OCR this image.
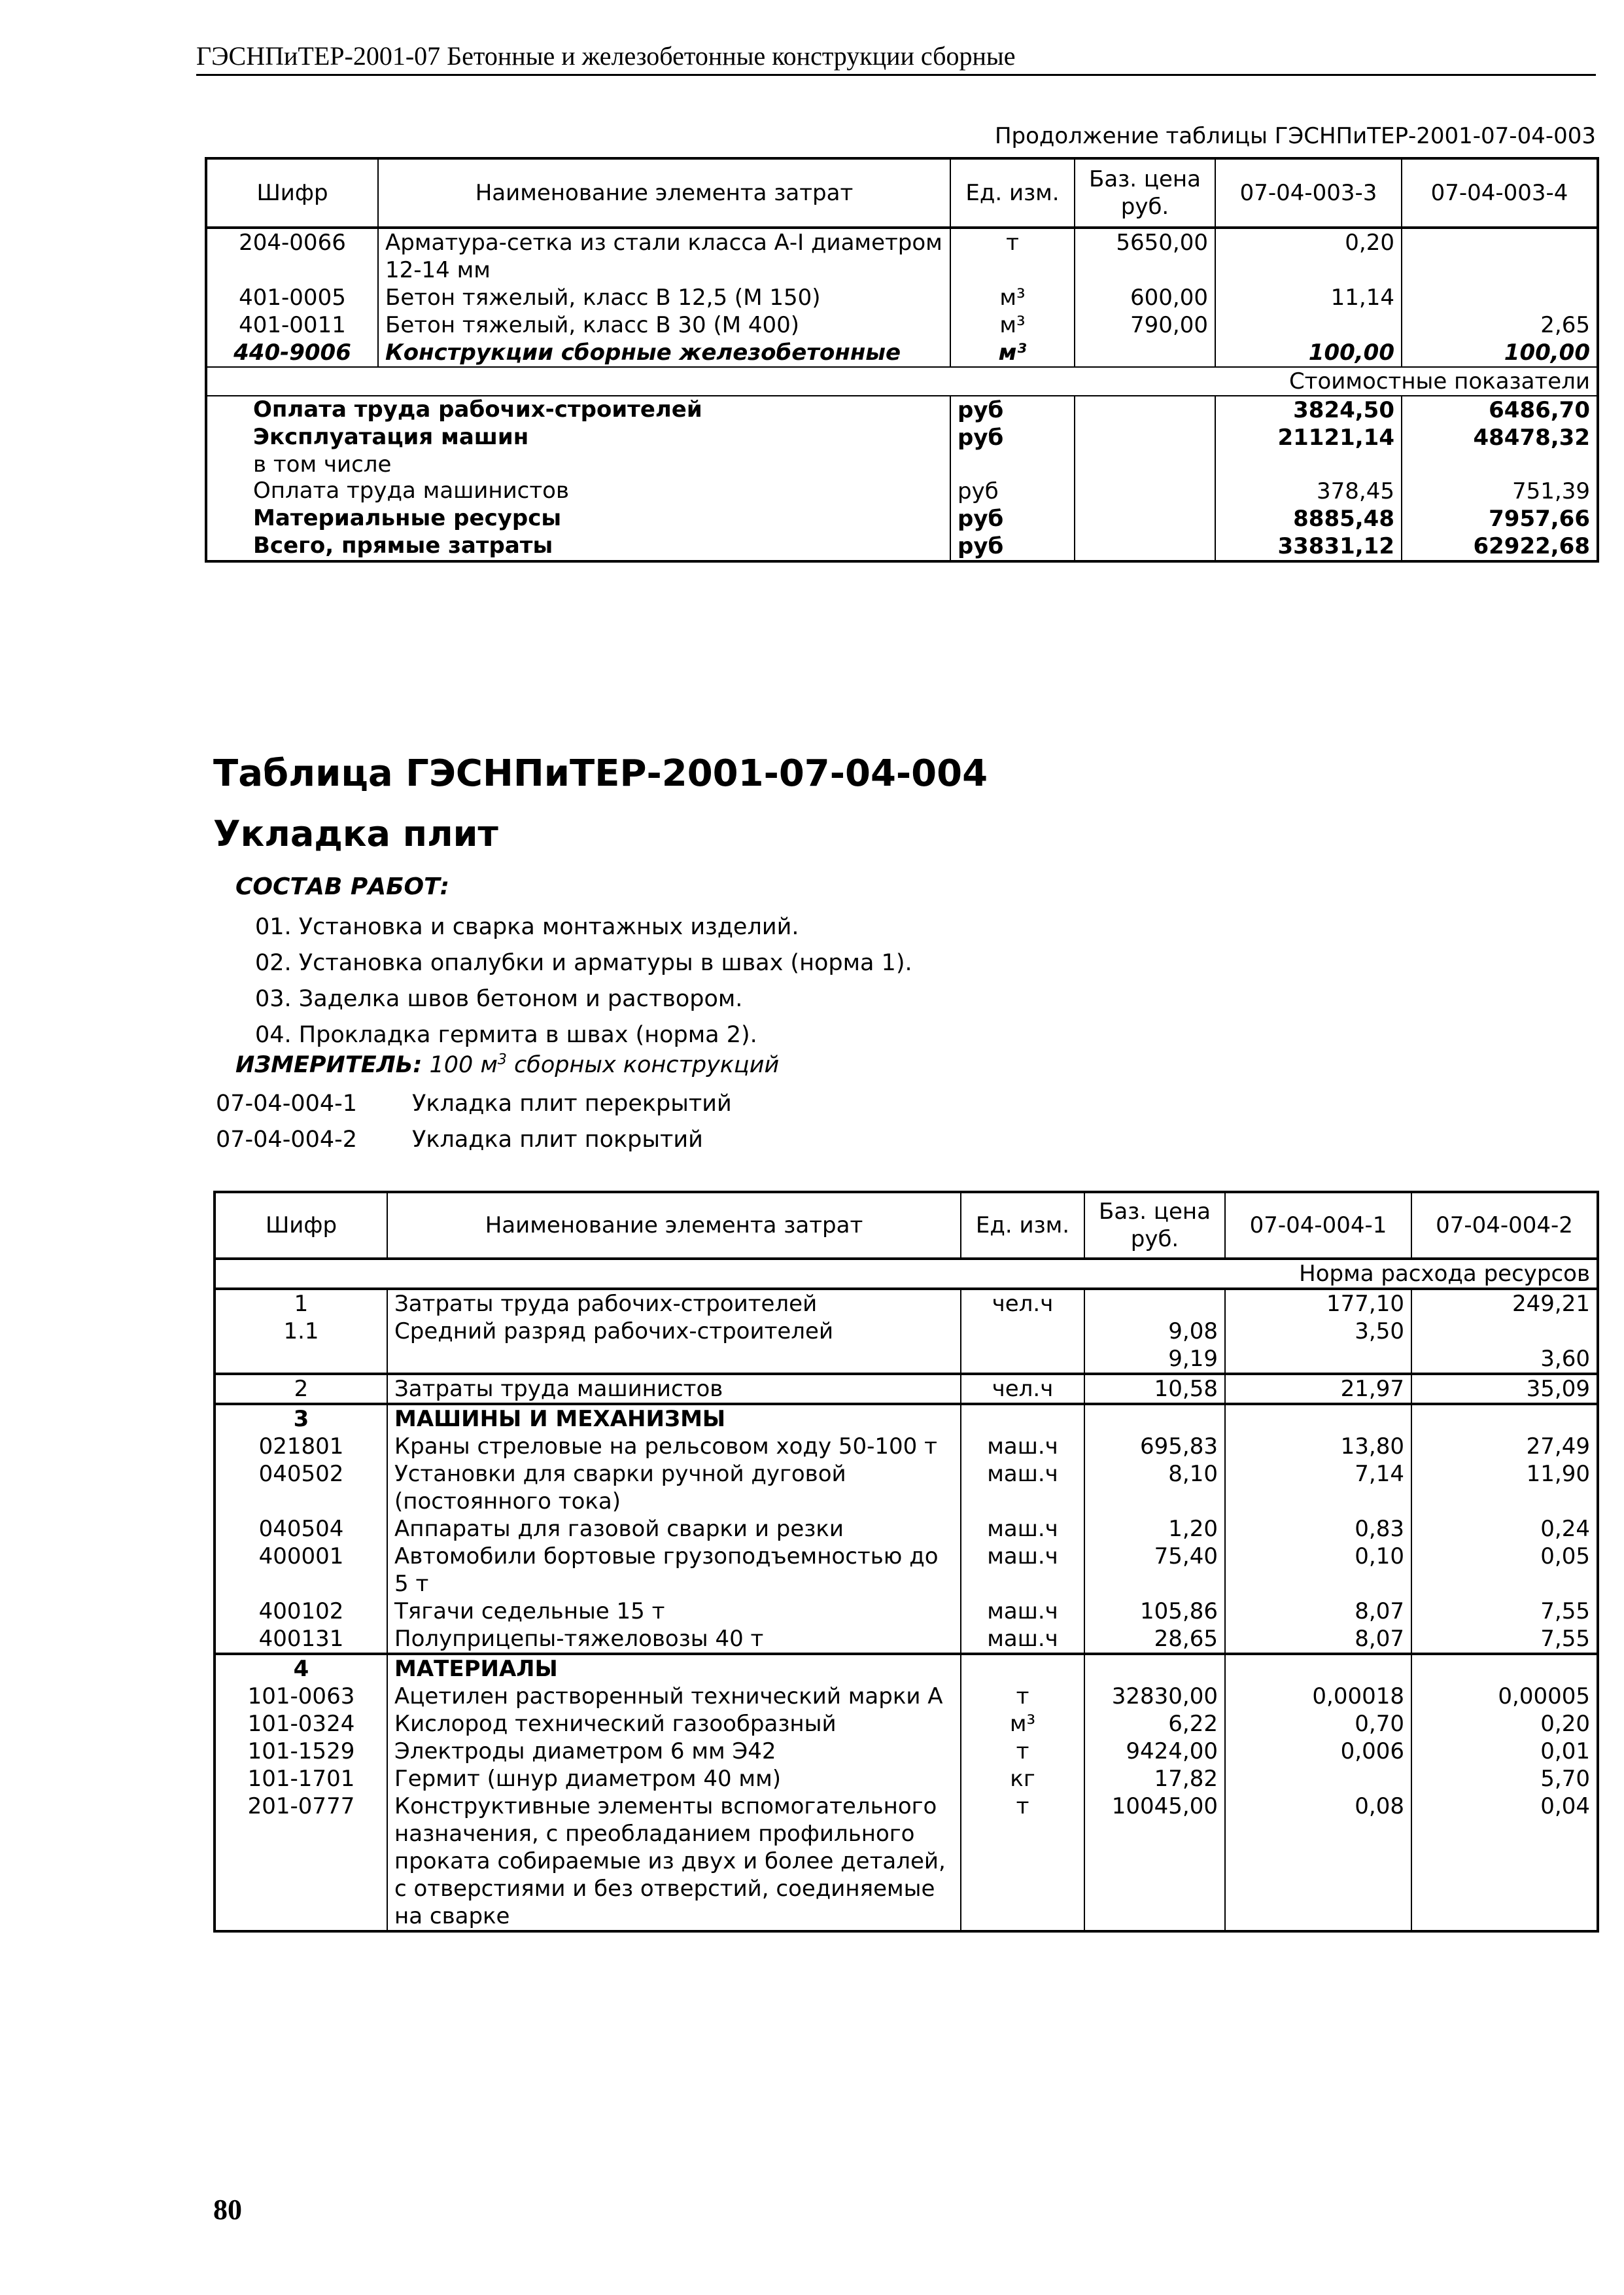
ГЭСНПиТЕР-2001-07 Бетонные и железобетонные конструкции сборные
Продолжение таблицы ГЭСНПиТЕР-2001-07-04-003
Шифр	Наименование элемента затрат	Ед. изм.	Баз. цена руб.	07-04-003-3	07-04-003-4
204-0066	Арматура-сетка из стали класса А-I диаметром 12-14 мм	т	5650,00	0,20	
401-0005	Бетон тяжелый, класс В 12,5 (М 150)	м³	600,00	11,14	
401-0011	Бетон тяжелый, класс В 30 (М 400)	м³	790,00		2,65
440-9006	Конструкции сборные железобетонные	м³		100,00	100,00
Стоимостные показатели					
Оплата труда рабочих-строителей		руб		3824,50	6486,70
Эксплуатация машин		руб		21121,14	48478,32
в том числе					
Оплата труда машинистов		руб		378,45	751,39
Материальные ресурсы		руб		8885,48	7957,66
Всего, прямые затраты		руб		33831,12	62922,68
Таблица ГЭСНПиТЕР-2001-07-04-004
Укладка плит
СОСТАВ РАБОТ:
01. Установка и сварка монтажных изделий.
02. Установка опалубки и арматуры в швах (норма 1).
03. Заделка швов бетоном и раствором.
04. Прокладка гермита в швах (норма 2).
ИЗМЕРИТЕЛЬ: 100 $м^3$ сборных конструкций
07-04-004-1 Укладка плит перекрытий
07-04-004-2 Укладка плит покрытий
Шифр	Наименование элемента затрат	Ед. изм.	Баз. цена руб.	07-04-004-1	07-04-004-2
Норма расхода ресурсов					
1	Затраты труда рабочих-строителей	чел.ч		177,10	249,21
1.1	Средний разряд рабочих-строителей		9,08	3,50	
			9,19		3,60
2	Затраты труда машинистов	чел.ч	10,58	21,97	35,09
3	МАШИНЫ И МЕХАНИЗМЫ				
021801	Краны стреловые на рельсовом ходу 50-100 т	маш.ч	695,83	13,80	27,49
040502	Установки для сварки ручной дуговой (постоянного тока)	маш.ч	8,10	7,14	11,90
040504	Аппараты для газовой сварки и резки	маш.ч	1,20	0,83	0,24
400001	Автомобили бортовые грузоподъемностью до 5 т	маш.ч	75,40	0,10	0,05
400102	Тягачи седельные 15 т	маш.ч	105,86	8,07	7,55
400131	Полуприцепы-тяжеловозы 40 т	маш.ч	28,65	8,07	7,55
4	МАТЕРИАЛЫ				
101-0063	Ацетилен растворенный технический марки А	т	32830,00	0,00018	0,00005
101-0324	Кислород технический газообразный	м³	6,22	0,70	0,20
101-1529	Электроды диаметром 6 мм Э42	т	9424,00	0,006	0,01
101-1701	Гермит (шнур диаметром 40 мм)	кг	17,82		5,70
201-0777	Конструктивные элементы вспомогательного назначения, с преобладанием профильного проката собираемые из двух и более деталей, с отверстиями и без отверстий, соединяемые на сварке	т	10045,00	0,08	0,04
80
